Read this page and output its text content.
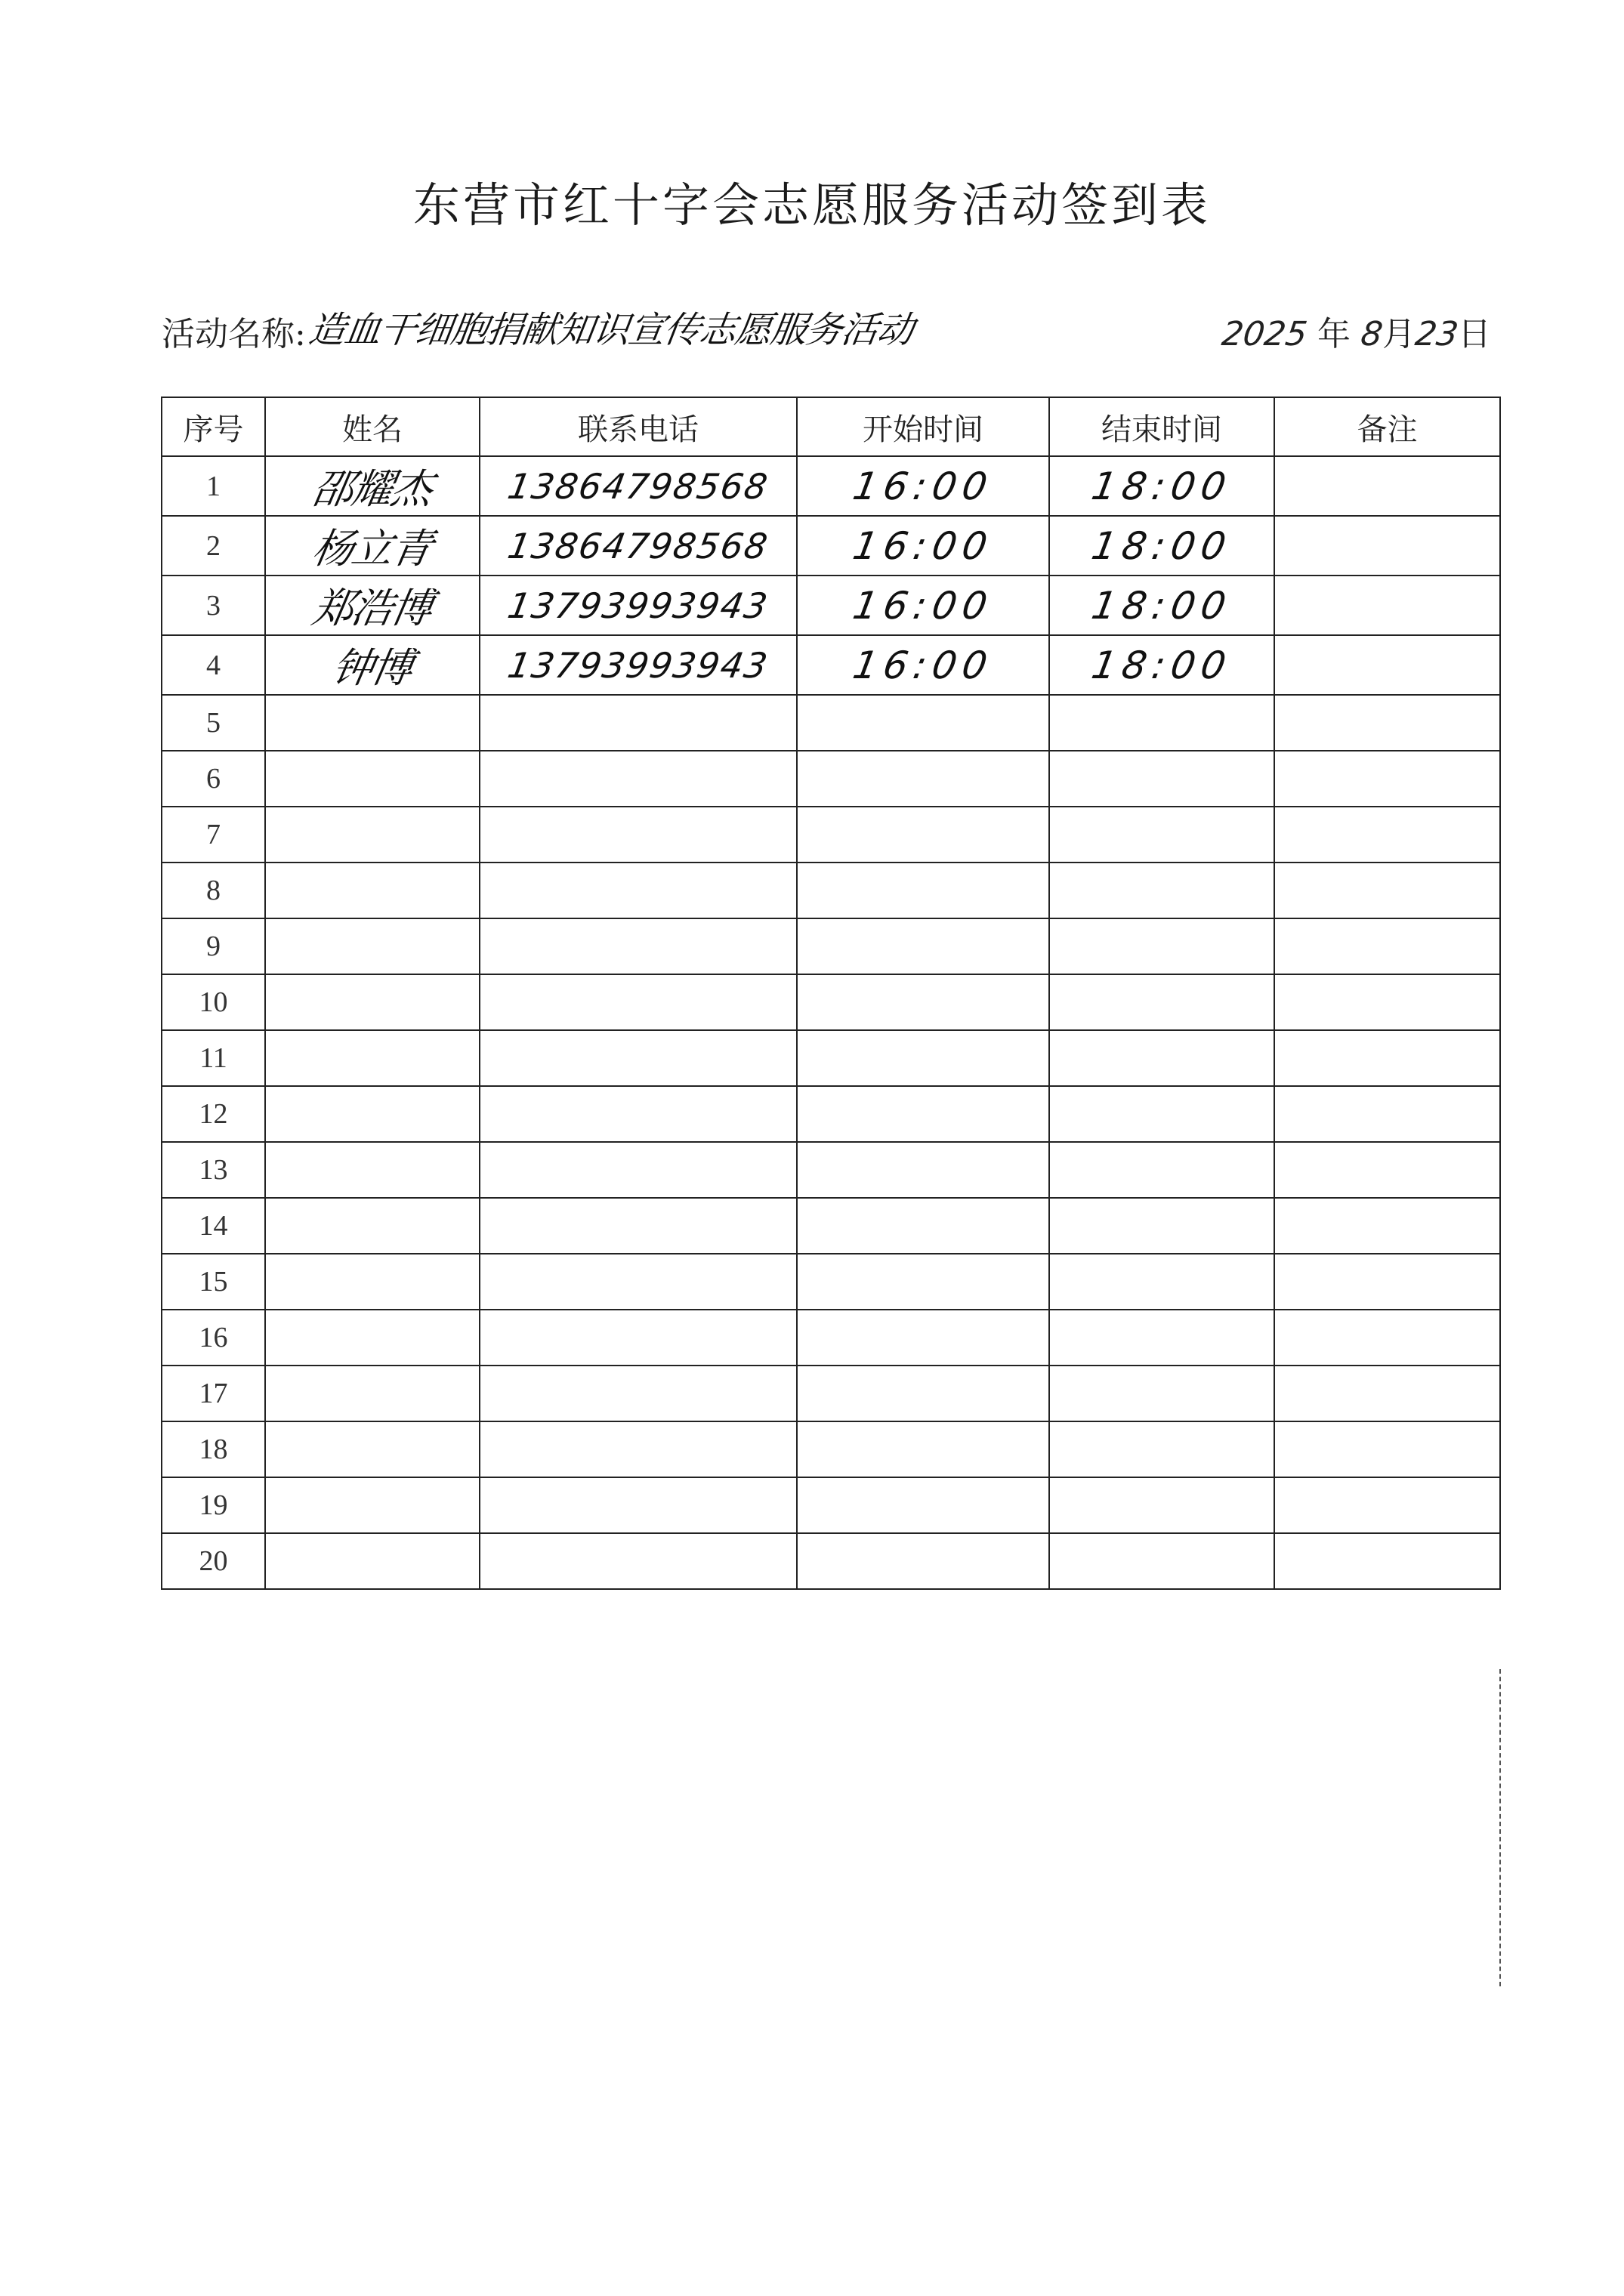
东营市红十字会志愿服务活动签到表
活动名称: 造血干细胞捐献知识宣传志愿服务活动	2025 年 8月23日
序号	姓名	联系电话	开始时间	结束时间	备注
1	邵耀杰	13864798568	16:00	18:00	
2	杨立青	13864798568	16:00	18:00	
3	郑浩博	13793993943	16:00	18:00	
4	钟博	13793993943	16:00	18:00	
5					
6					
7					
8					
9					
10					
11					
12					
13					
14					
15					
16					
17					
18					
19					
20					
